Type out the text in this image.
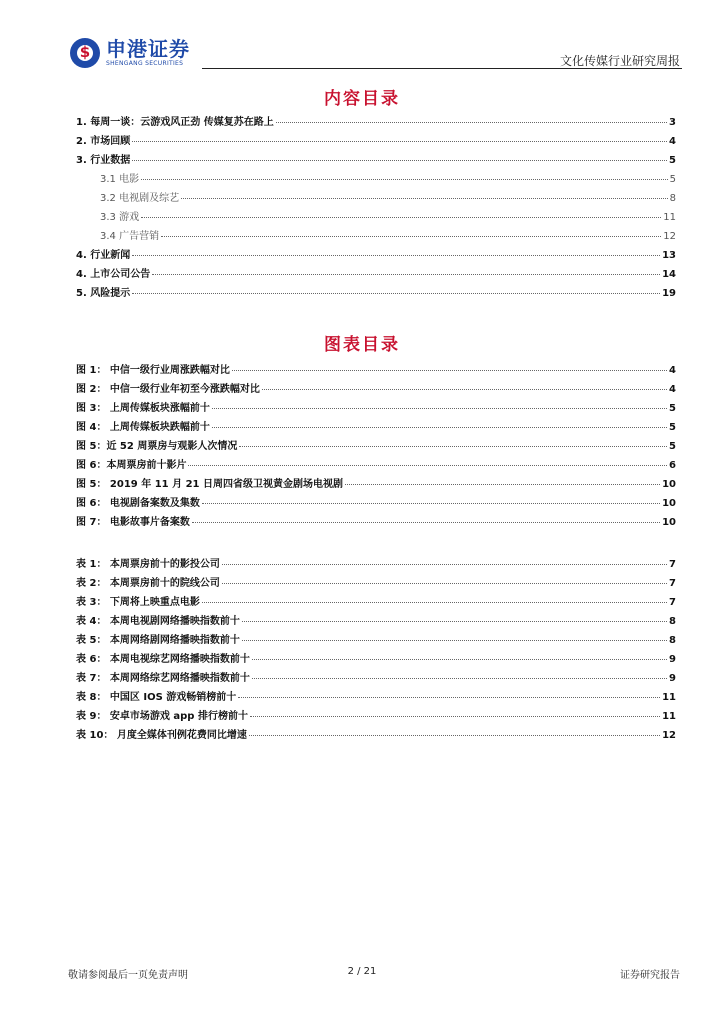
$
申港证券
SHENGANG SECURITIES	文化传媒行业研究周报
内容目录
1. 每周一谈：云游戏风正劲 传媒复苏在路上	3
2. 市场回顾	4
3. 行业数据	5
3.1 电影	5
3.2 电视剧及综艺	8
3.3 游戏	11
3.4 广告营销	12
4. 行业新闻	13
4. 上市公司公告	14
5. 风险提示	19
图表目录
图 1： 中信一级行业周涨跌幅对比	4
图 2： 中信一级行业年初至今涨跌幅对比	4
图 3： 上周传媒板块涨幅前十	5
图 4： 上周传媒板块跌幅前十	5
图 5：近 52 周票房与观影人次情况	5
图 6：本周票房前十影片	6
图 5： 2019 年 11 月 21 日周四省级卫视黄金剧场电视剧	10
图 6： 电视剧备案数及集数	10
图 7： 电影故事片备案数	10
表 1： 本周票房前十的影投公司	7
表 2： 本周票房前十的院线公司	7
表 3： 下周将上映重点电影	7
表 4： 本周电视剧网络播映指数前十	8
表 5： 本周网络剧网络播映指数前十	8
表 6： 本周电视综艺网络播映指数前十	9
表 7： 本周网络综艺网络播映指数前十	9
表 8： 中国区 IOS 游戏畅销榜前十	11
表 9： 安卓市场游戏 app 排行榜前十	11
表 10： 月度全媒体刊例花费同比增速	12
敬请参阅最后一页免责声明	2 / 21	证券研究报告
